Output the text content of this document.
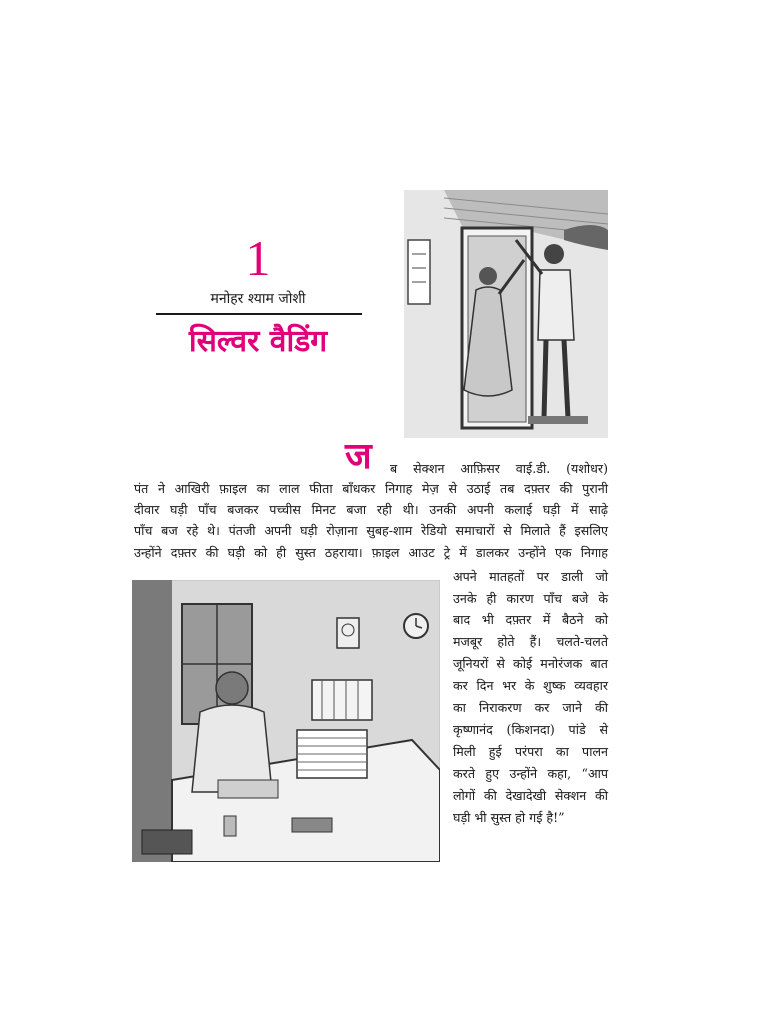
1
मनोहर श्याम जोशी
सिल्वर वैडिंग
ज ब सेक्शन आफ़िसर वाई.डी. (यशोधर)
पंत ने आखिरी फ़ाइल का लाल फीता बाँधकर निगाह मेज़ से उठाई तब दफ़्तर की पुरानी
दीवार घड़ी पाँच बजकर पच्चीस मिनट बजा रही थी। उनकी अपनी कलाई घड़ी में साढ़े
पाँच बज रहे थे। पंतजी अपनी घड़ी रोज़ाना सुबह-शाम रेडियो समाचारों से मिलाते हैं इसलिए
उन्होंने दफ़्तर की घड़ी को ही सुस्त ठहराया। फ़ाइल आउट ट्रे में डालकर उन्होंने एक निगाह
अपने मातहतों पर डाली जो
उनके ही कारण पाँच बजे के
बाद भी दफ़्तर में बैठने को
मजबूर होते हैं। चलते-चलते
जूनियरों से कोई मनोरंजक बात
कर दिन भर के शुष्क व्यवहार
का निराकरण कर जाने की
कृष्णानंद (किशनदा) पांडे से
मिली हुई परंपरा का पालन
करते हुए उन्होंने कहा, “आप
लोगों की देखादेखी सेक्शन की
घड़ी भी सुस्त हो गई है!”
